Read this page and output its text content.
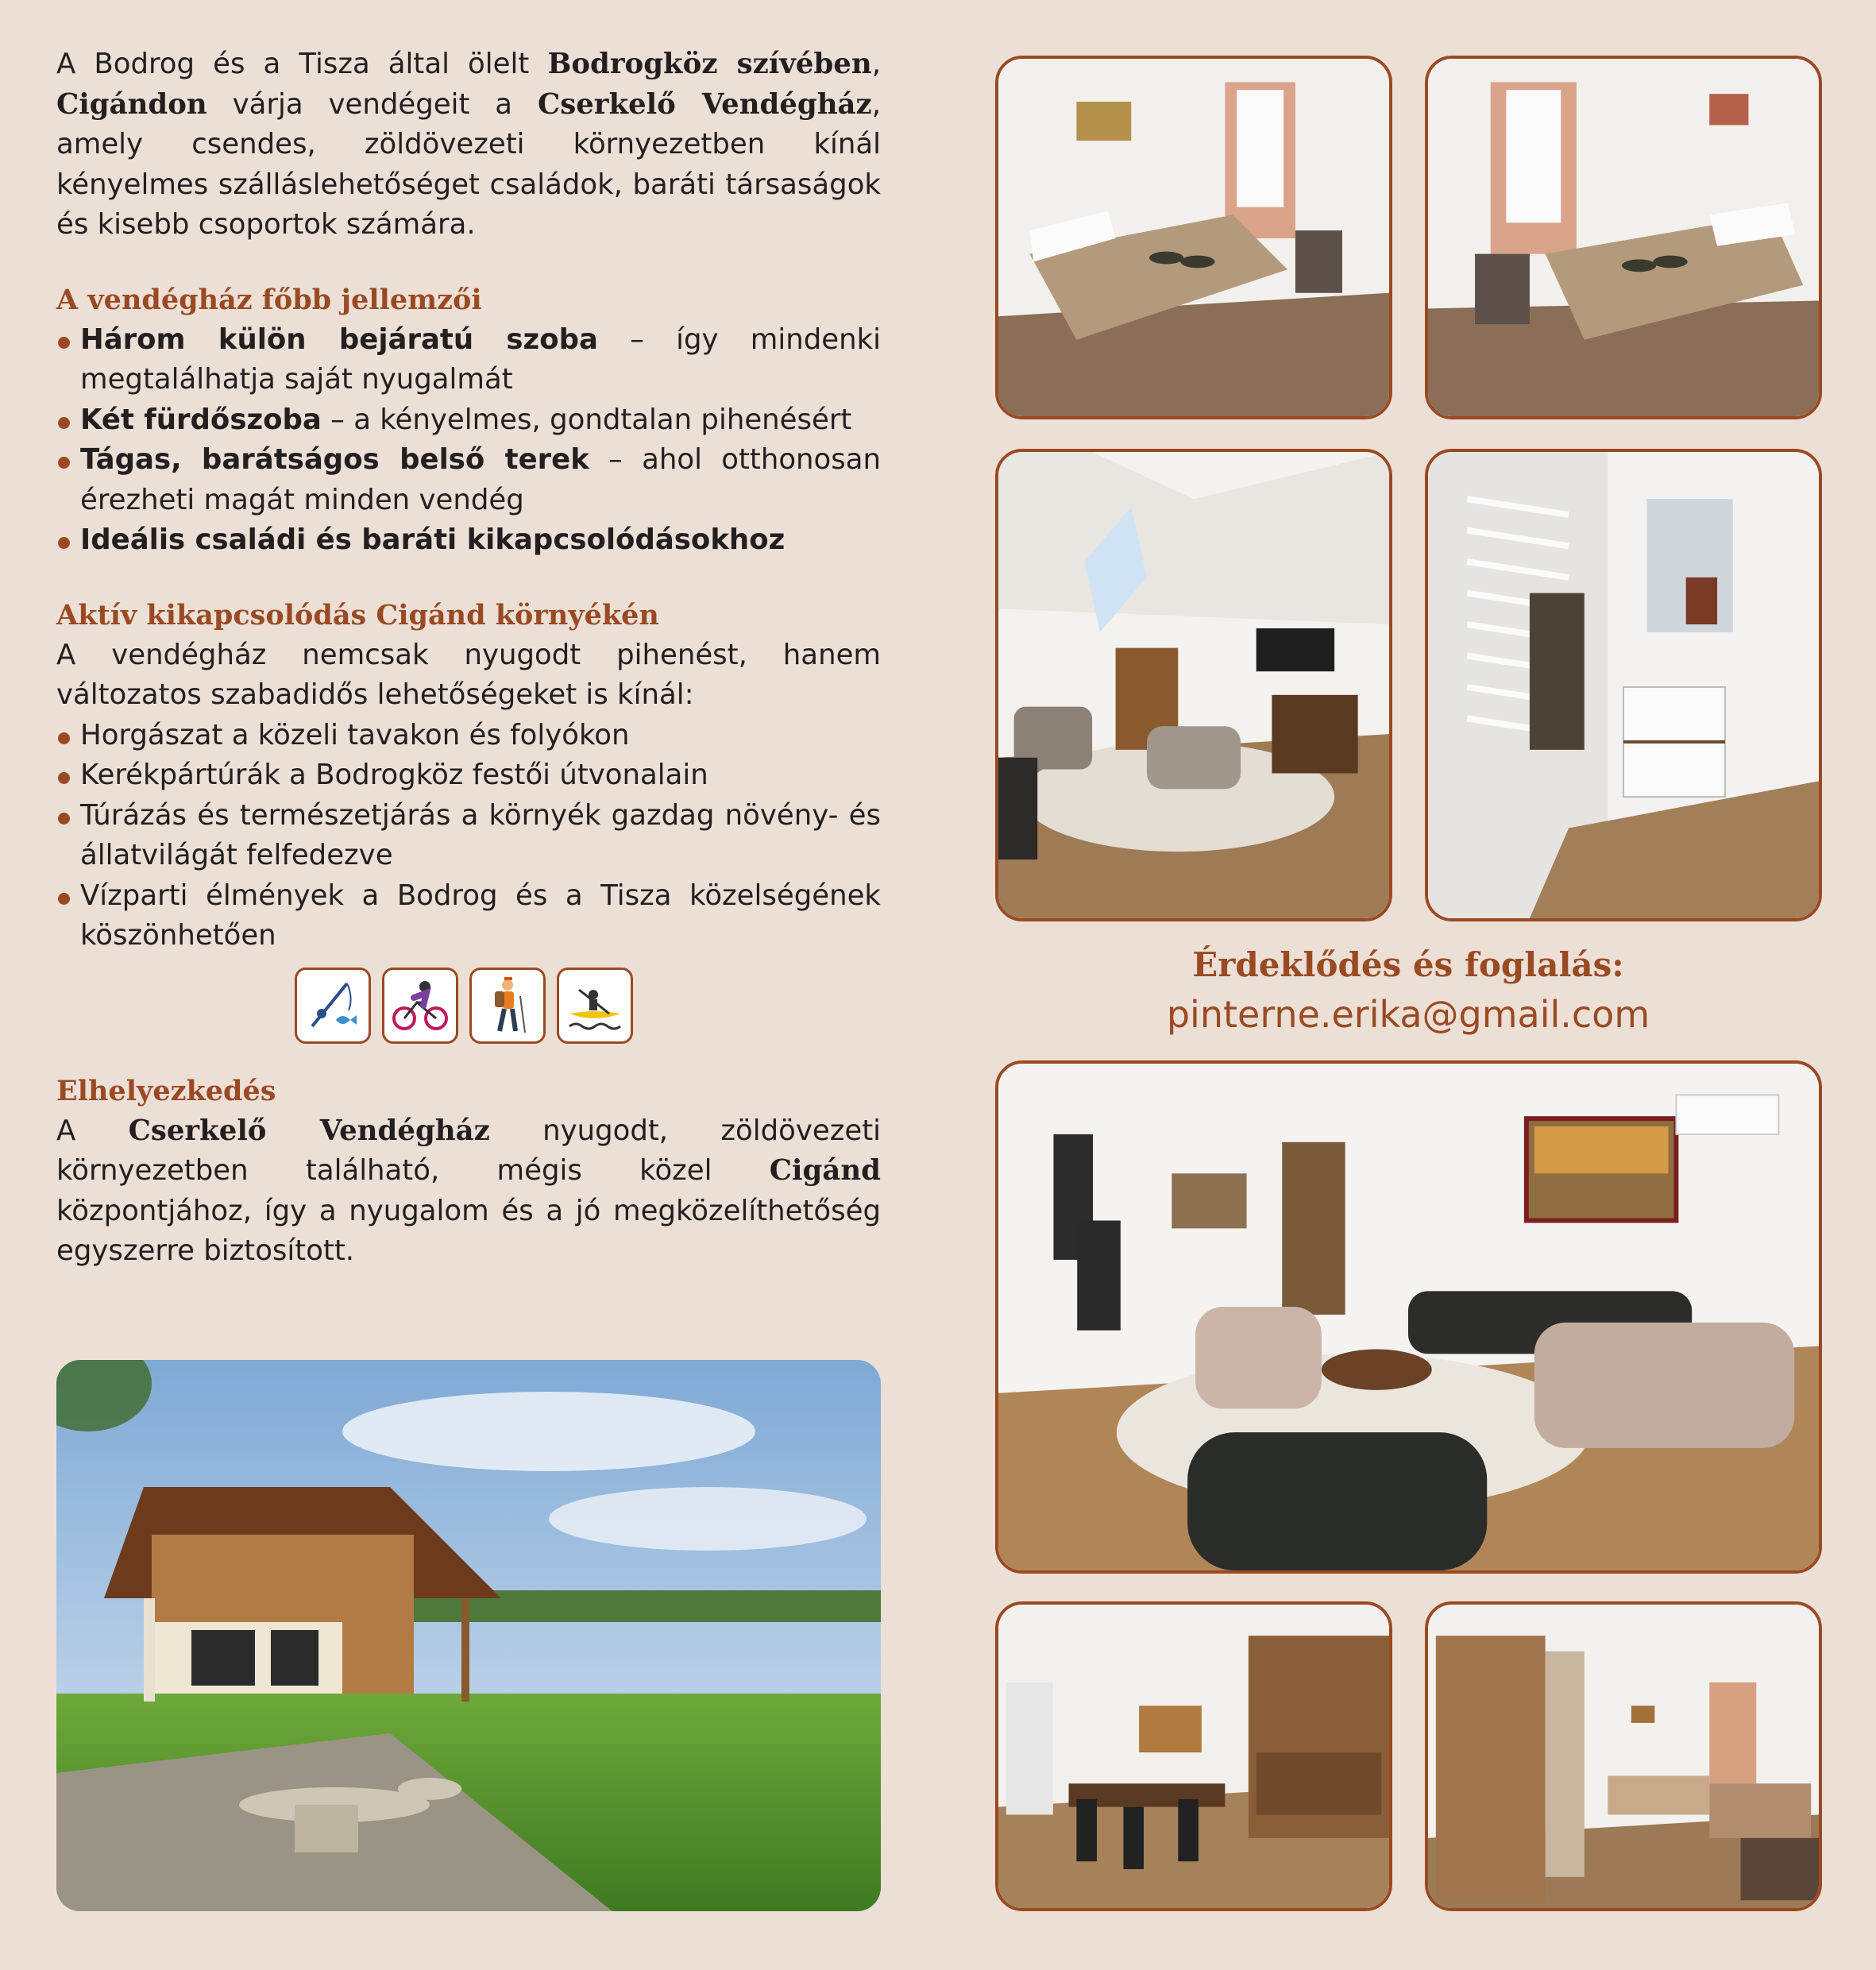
A Bodrog és a Tisza által ölelt Bodrogköz szívében, Cigándon várja vendégeit a Cserkelő Vendégház, amely csendes, zöldövezeti környezetben kínál kényelmes szálláslehetőséget családok, baráti társaságok és kisebb csoportok számára.

A vendégház főbb jellemzői
Három külön bejáratú szoba – így mindenki megtalálhatja saját nyugalmát
Két fürdőszoba – a kényelmes, gondtalan pihenésért
Tágas, barátságos belső terek – ahol otthonosan érezheti magát minden vendég
Ideális családi és baráti kikapcsolódásokhoz
Aktív kikapcsolódás Cigánd környékén

A vendégház nemcsak nyugodt pihenést, hanem változatos szabadidős lehetőségeket is kínál:

Horgászat a közeli tavakon és folyókon
Kerékpártúrák a Bodrogköz festői útvonalain
Túrázás és természetjárás a környék gazdag növény- és állatvilágát felfedezve
Vízparti élmények a Bodrog és a Tisza közelségének köszönhetően
Elhelyezkedés

A Cserkelő Vendégház nyugodt, zöldövezeti környezetben található, mégis közel Cigánd központjához, így a nyugalom és a jó megközelíthetőség egyszerre biztosított.

Érdeklődés és foglalás:
pinterne.erika@gmail.com
